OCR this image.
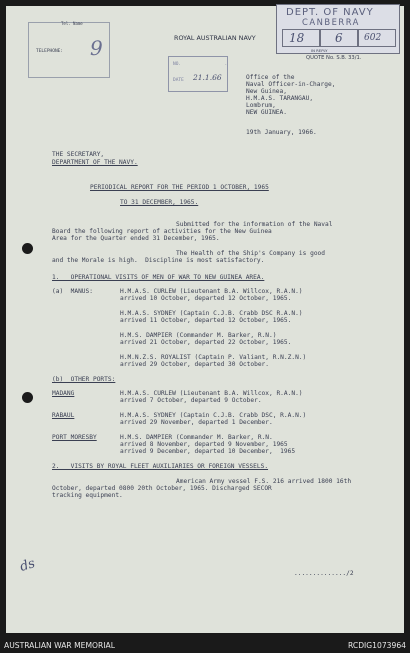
Tel. Name
TELEPHONE: 9	ROYAL AUSTRALIAN NAVY
DEPT. OF NAVY
CANBERRA
18	6 602
IN REPLY
QUOTE No. S.B. 33/1.
NO.                .
DATE 21.1.66	Office of the
Naval Officer-in-Charge,
New Guinea,
H.M.A.S. TARANGAU,
Lombrum,
NEW GUINEA.
19th January, 1966.
THE SECRETARY,
DEPARTMENT OF THE NAVY.
PERIODICAL REPORT FOR THE PERIOD 1 OCTOBER, 1965
TO 31 DECEMBER, 1965.
Submitted for the information of the Naval
Board the following report of activities for the New Guinea
Area for the Quarter ended 31 December, 1965.
The Health of the Ship's Company is good
and the Morale is high.  Discipline is most satisfactory.
1.   OPERATIONAL VISITS OF MEN OF WAR TO NEW GUINEA AREA.
(a)  MANUS:	H.M.A.S. CURLEW (Lieutenant B.A. Willcox, R.A.N.)
arrived 10 October, departed 12 October, 1965.
H.M.A.S. SYDNEY (Captain C.J.B. Crabb DSC R.A.N.)
arrived 11 October, departed 12 October, 1965.
H.M.S. DAMPIER (Commander M. Barker, R.N.)
arrived 21 October, departed 22 October, 1965.
H.M.N.Z.S. ROYALIST (Captain P. Valiant, R.N.Z.N.)
arrived 29 October, departed 30 October.
(b)  OTHER PORTS:
MADANG	H.M.A.S. CURLEW (Lieutenant B.A. Willcox, R.A.N.)
arrived 7 October, departed 9 October.
RABAUL	H.M.A.S. SYDNEY (Captain C.J.B. Crabb DSC, R.A.N.)
arrived 29 November, departed 1 December.
PORT MORESBY	H.M.S. DAMPIER (Commander M. Barker, R.N.
arrived 8 November, departed 9 November, 1965
arrived 9 December, departed 10 December,  1965
2.   VISITS BY ROYAL FLEET AUXILIARIES OR FOREIGN VESSELS.
American Army vessel F.S. 216 arrived 1800 16th
October, departed 0800 20th October, 1965. Discharged SECOR
tracking equipment.
ds	............../2
AUSTRALIAN WAR MEMORIAL	RCDIG1073964
